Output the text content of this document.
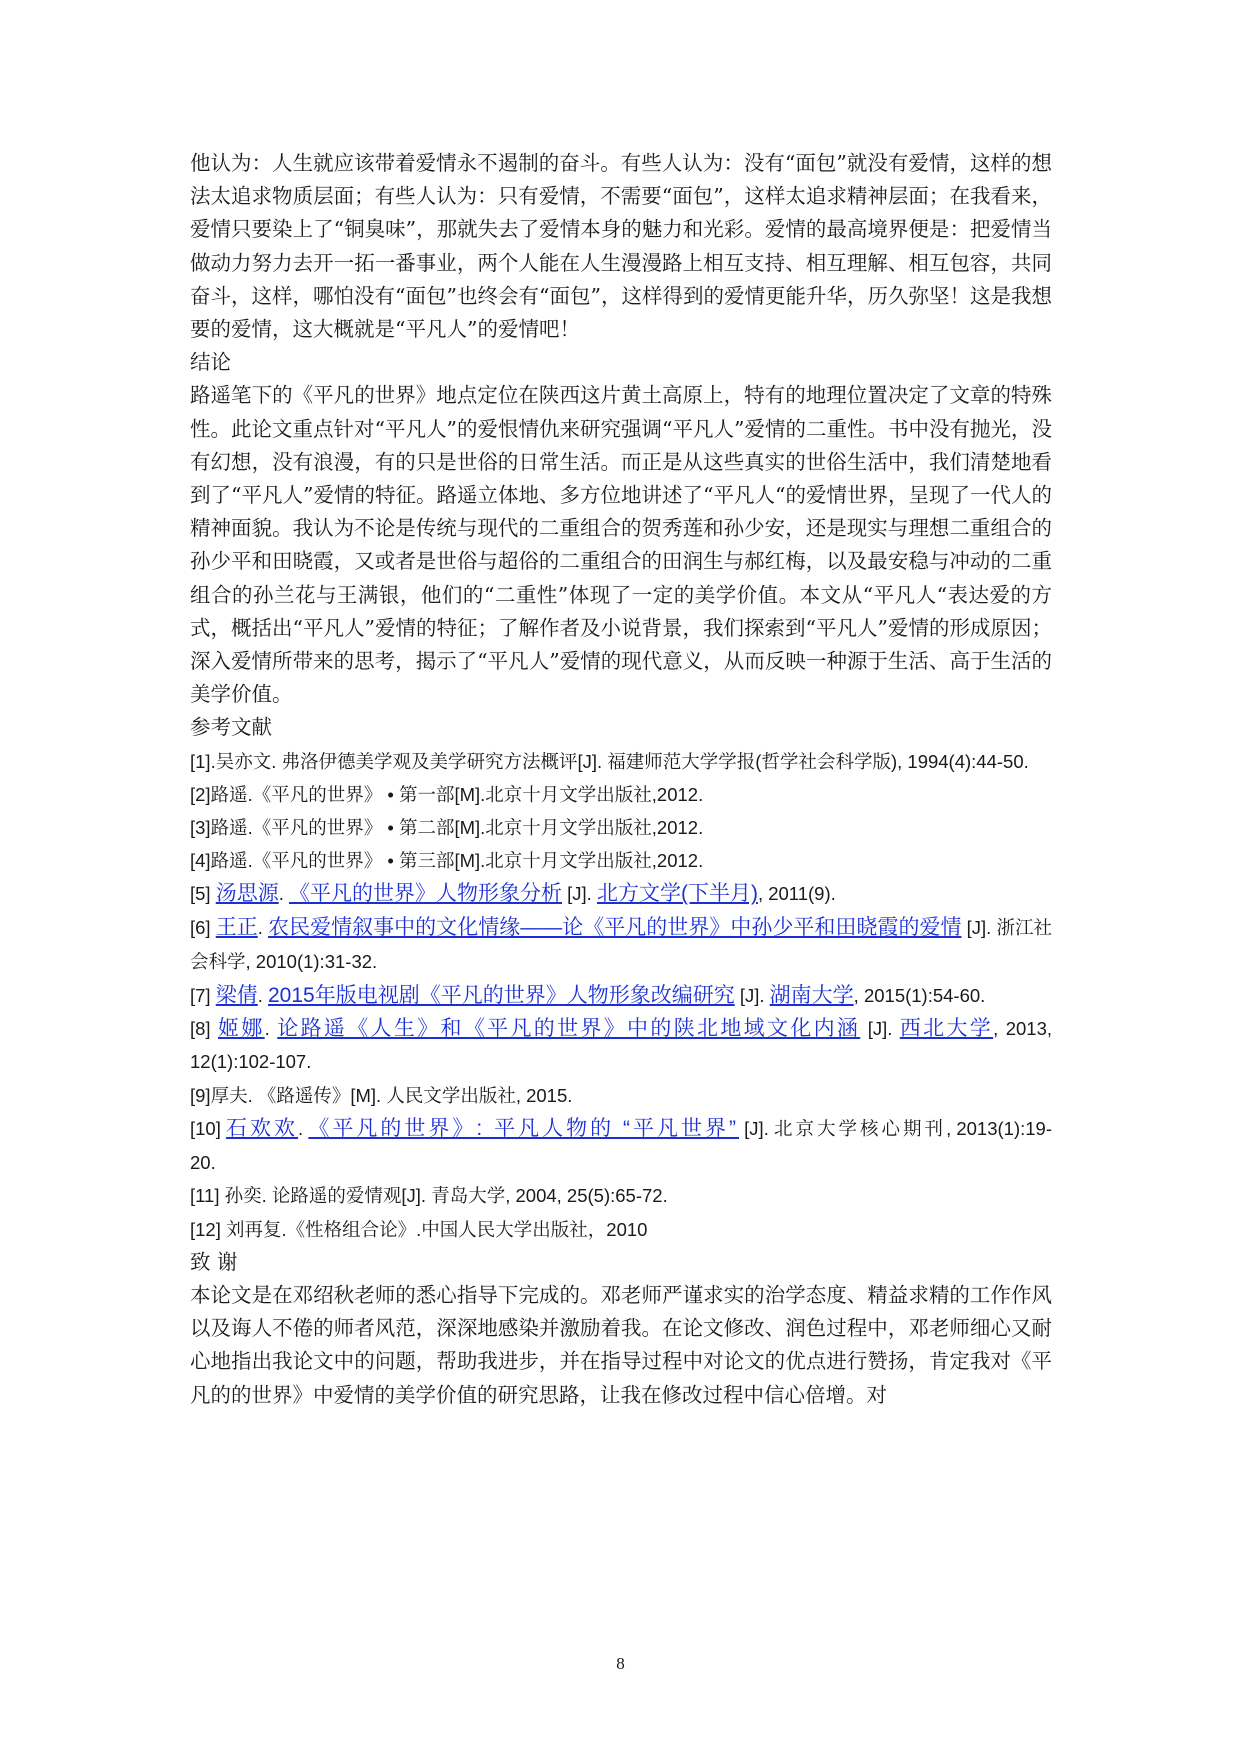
他认为：人生就应该带着爱情永不遏制的奋斗。有些人认为：没有“面包”就没有爱情，这样的想法太追求物质层面；有些人认为：只有爱情，不需要“面包”，这样太追求精神层面；在我看来，爱情只要染上了“铜臭味”，那就失去了爱情本身的魅力和光彩。爱情的最高境界便是：把爱情当做动力努力去开一拓一番事业，两个人能在人生漫漫路上相互支持、相互理解、相互包容，共同奋斗，这样，哪怕没有“面包”也终会有“面包”，这样得到的爱情更能升华，历久弥坚！这是我想要的爱情，这大概就是“平凡人”的爱情吧！

结论

路遥笔下的《平凡的世界》地点定位在陕西这片黄土高原上，特有的地理位置决定了文章的特殊性。此论文重点针对“平凡人”的爱恨情仇来研究强调“平凡人”爱情的二重性。书中没有抛光，没有幻想，没有浪漫，有的只是世俗的日常生活。而正是从这些真实的世俗生活中，我们清楚地看到了“平凡人”爱情的特征。路遥立体地、多方位地讲述了“平凡人“的爱情世界，呈现了一代人的精神面貌。我认为不论是传统与现代的二重组合的贺秀莲和孙少安，还是现实与理想二重组合的孙少平和田晓霞，又或者是世俗与超俗的二重组合的田润生与郝红梅，以及最安稳与冲动的二重组合的孙兰花与王满银，他们的“二重性”体现了一定的美学价值。本文从“平凡人“表达爱的方式，概括出“平凡人”爱情的特征；了解作者及小说背景，我们探索到“平凡人”爱情的形成原因；深入爱情所带来的思考，揭示了“平凡人”爱情的现代意义，从而反映一种源于生活、高于生活的美学价值。

参考文献

[1].吴亦文. 弗洛伊德美学观及美学研究方法概评[J]. 福建师范大学学报(哲学社会科学版), 1994(4):44-50.

[2]路遥.《平凡的世界》 • 第一部[M].北京十月文学出版社,2012.

[3]路遥.《平凡的世界》 • 第二部[M].北京十月文学出版社,2012.

[4]路遥.《平凡的世界》 • 第三部[M].北京十月文学出版社,2012.

[5] 汤思源. 《平凡的世界》人物形象分析 [J]. 北方文学(下半月), 2011(9).

[6] 王正. 农民爱情叙事中的文化情缘——论《平凡的世界》中孙少平和田晓霞的爱情 [J]. 浙江社会科学, 2010(1):31-32.

[7] 梁倩. 2015年版电视剧《平凡的世界》人物形象改编研究 [J]. 湖南大学, 2015(1):54-60.

[8] 姬娜. 论路遥《人生》和《平凡的世界》中的陕北地域文化内涵 [J]. 西北大学, 2013, 12(1):102-107.

[9]厚夫. 《路遥传》[M]. 人民文学出版社, 2015.

[10] 石欢欢. 《平凡的世界》: 平凡人物的 “平凡世界” [J]. 北京大学核心期刊, 2013(1):19-20.

[11] 孙奕. 论路遥的爱情观[J]. 青岛大学, 2004, 25(5):65-72.

[12] 刘再复.《性格组合论》.中国人民大学出版社，2010

致 谢

本论文是在邓绍秋老师的悉心指导下完成的。邓老师严谨求实的治学态度、精益求精的工作作风以及诲人不倦的师者风范，深深地感染并激励着我。在论文修改、润色过程中，邓老师细心又耐心地指出我论文中的问题，帮助我进步，并在指导过程中对论文的优点进行赞扬，肯定我对《平凡的的世界》中爱情的美学价值的研究思路，让我在修改过程中信心倍增。对

8
